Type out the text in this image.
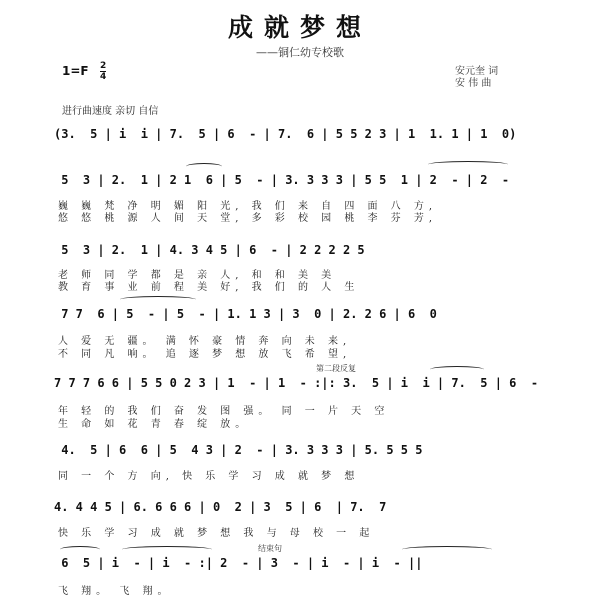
成就梦想
——铜仁幼专校歌
1=F 2
4	安元奎 词
安 伟 曲
进行曲速度 亲切 自信
(3.  5 | i  i | 7.  5 | 6  - | 7.  6 | 5 5 2 3 | 1  1. 1 | 1  0)
5  3 | 2.  1 | 2 1  6 | 5  - | 3. 3 3 3 | 5 5  1 | 2  - | 2  -
巍 巍 梵 净 明 媚 阳 光, 我 们 来 自 四 面 八 方,
悠 悠 桃 源 人 间 天 堂, 多 彩 校 园 桃 李 芬 芳,
5  3 | 2.  1 | 4. 3 4 5 | 6  - | 2 2 2 2 5
老 师 同 学 都 是 亲 人, 和 和 美 美
教 育 事 业 前 程 美 好, 我 们 的 人 生
7 7  6 | 5  - | 5  - | 1. 1 3 | 3  0 | 2. 2 6 | 6  0
人 爱 无 疆。 满 怀 豪 情 奔 向 未 来,
不 同 凡 响。 追 逐 梦 想 放 飞 希 望,
第二段反复
7 7 7 6 6 | 5 5 0 2 3 | 1  - | 1  - :|: 3.  5 | i  i | 7.  5 | 6  -
年 轻 的 我 们 奋 发 图 强。 同 一 片 天 空
生 命 如 花 青 春 绽 放。
4.  5 | 6  6 | 5  4 3 | 2  - | 3. 3 3 3 | 5. 5 5 5
同 一 个 方 向, 快 乐 学 习 成 就 梦 想
4. 4 4 5 | 6. 6 6 6 | 0  2 | 3  5 | 6  | 7.  7
快 乐 学 习 成 就 梦 想 我 与 母 校 一 起
结束句
6  5 | i  - | i  - :| 2  - | 3  - | i  - | i  - ||
飞 翔。 飞 翔。
